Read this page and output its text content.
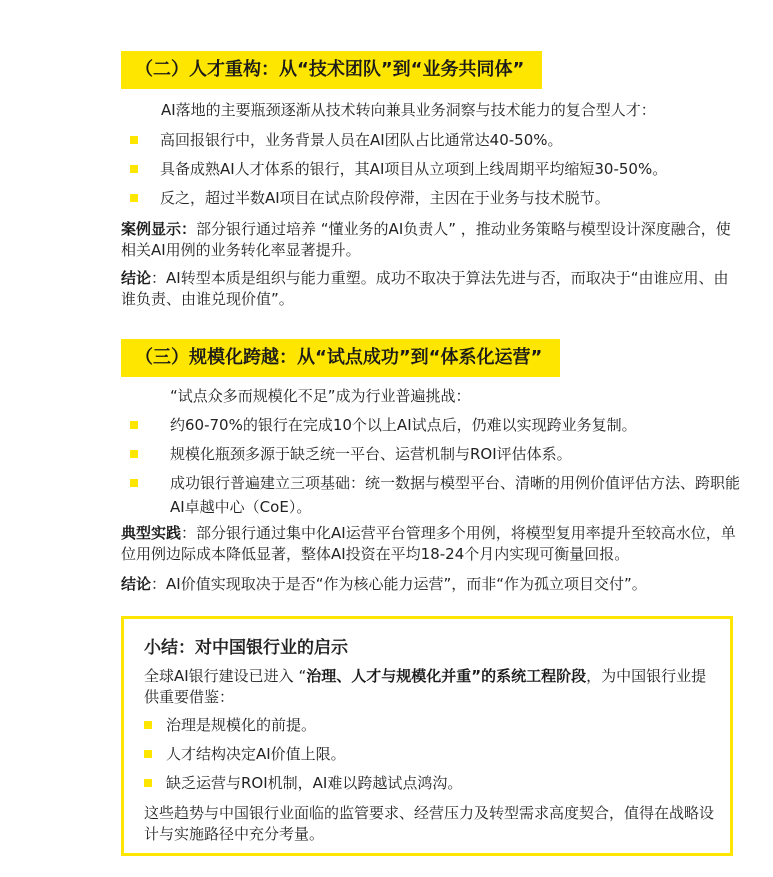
（二）人才重构：从“技术团队”到“业务共同体”
AI落地的主要瓶颈逐渐从技术转向兼具业务洞察与技术能力的复合型人才：
高回报银行中，业务背景人员在AI团队占比通常达40-50%。
具备成熟AI人才体系的银行，其AI项目从立项到上线周期平均缩短30-50%。
反之，超过半数AI项目在试点阶段停滞，主因在于业务与技术脱节。
案例显示：部分银行通过培养 “懂业务的AI负责人” ，推动业务策略与模型设计深度融合，使相关AI用例的业务转化率显著提升。
结论：AI转型本质是组织与能力重塑。成功不取决于算法先进与否，而取决于“由谁应用、由谁负责、由谁兑现价值”。
（三）规模化跨越：从“试点成功”到“体系化运营”
“试点众多而规模化不足”成为行业普遍挑战：
约60-70%的银行在完成10个以上AI试点后，仍难以实现跨业务复制。
规模化瓶颈多源于缺乏统一平台、运营机制与ROI评估体系。
成功银行普遍建立三项基础：统一数据与模型平台、清晰的用例价值评估方法、跨职能AI卓越中心（CoE）。
典型实践：部分银行通过集中化AI运营平台管理多个用例，将模型复用率提升至较高水位，单位用例边际成本降低显著，整体AI投资在平均18-24个月内实现可衡量回报。
结论：AI价值实现取决于是否“作为核心能力运营”，而非“作为孤立项目交付”。
小结：对中国银行业的启示
全球AI银行建设已进入 “治理、人才与规模化并重”的系统工程阶段，为中国银行业提供重要借鉴：
治理是规模化的前提。
人才结构决定AI价值上限。
缺乏运营与ROI机制，AI难以跨越试点鸿沟。
这些趋势与中国银行业面临的监管要求、经营压力及转型需求高度契合，值得在战略设计与实施路径中充分考量。
